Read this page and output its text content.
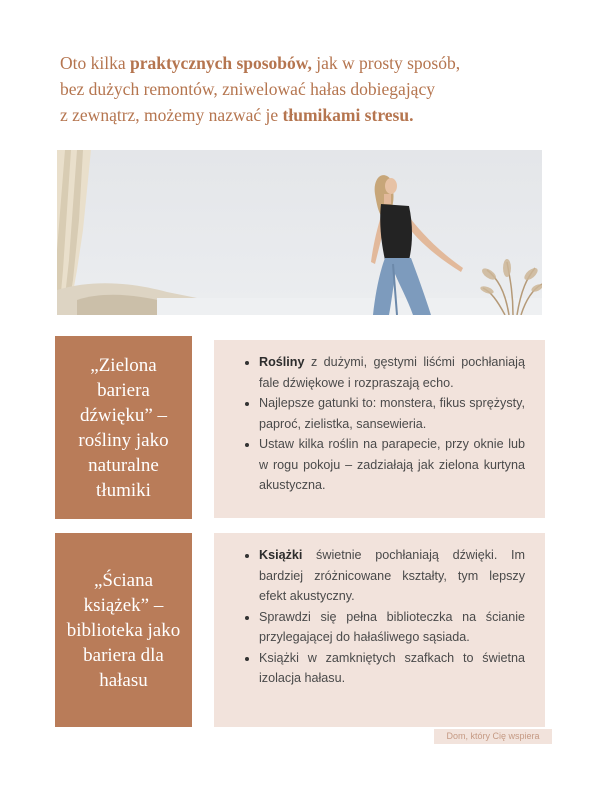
Oto kilka praktycznych sposobów, jak w prosty sposób,
bez dużych remontów, zniwelować hałas dobiegający
z zewnątrz, możemy nazwać je tłumikami stresu.
„Zielona bariera dźwięku” – rośliny jako naturalne tłumiki
• Rośliny z dużymi, gęstymi liśćmi pochłaniają fale dźwiękowe i rozpraszają echo.
• Najlepsze gatunki to: monstera, fikus sprężysty, paproć, zielistka, sansewieria.
• Ustaw kilka roślin na parapecie, przy oknie lub w rogu pokoju – zadziałają jak zielona kurtyna akustyczna.
„Ściana książek” – biblioteka jako bariera dla hałasu
• Książki świetnie pochłaniają dźwięki. Im bardziej zróżnicowane kształty, tym lepszy efekt akustyczny.
• Sprawdzi się pełna biblioteczka na ścianie przylegającej do hałaśliwego sąsiada.
• Książki w zamkniętych szafkach to świetna izolacja hałasu.
Dom, który Cię wspiera
